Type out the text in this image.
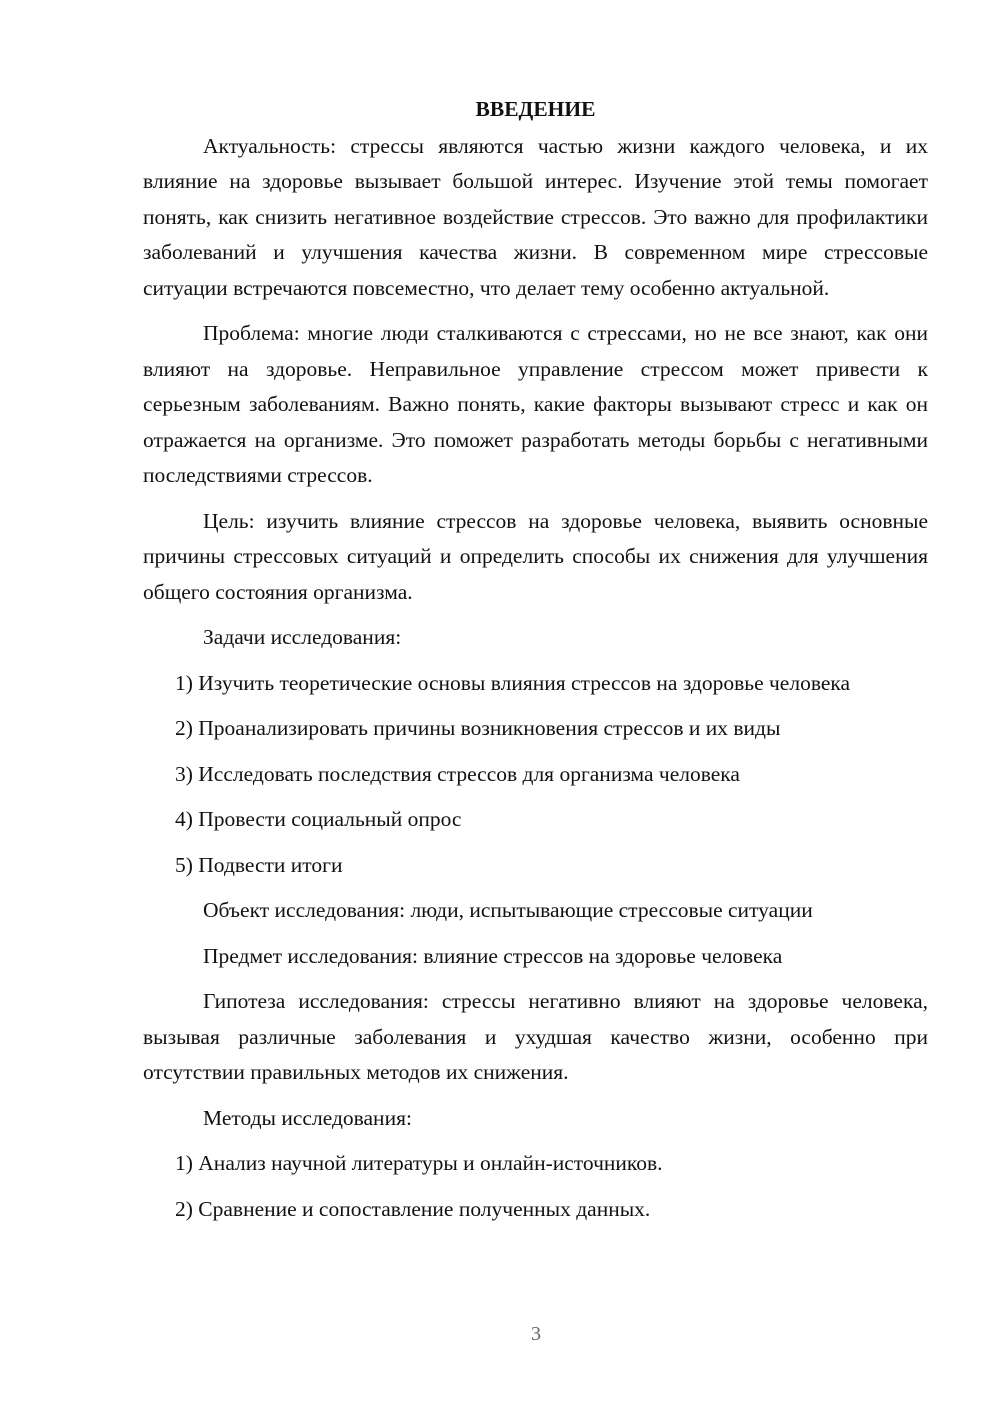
ВВЕДЕНИЕ

Актуальность: стрессы являются частью жизни каждого человека, и их влияние на здоровье вызывает большой интерес. Изучение этой темы помогает понять, как снизить негативное воздействие стрессов. Это важно для профилактики заболеваний и улучшения качества жизни. В современном мире стрессовые ситуации встречаются повсеместно, что делает тему особенно актуальной.

Проблема: многие люди сталкиваются с стрессами, но не все знают, как они влияют на здоровье. Неправильное управление стрессом может привести к серьезным заболеваниям. Важно понять, какие факторы вызывают стресс и как он отражается на организме. Это поможет разработать методы борьбы с негативными последствиями стрессов.

Цель: изучить влияние стрессов на здоровье человека, выявить основные причины стрессовых ситуаций и определить способы их снижения для улучшения общего состояния организма.

Задачи исследования:

1) Изучить теоретические основы влияния стрессов на здоровье человека

2) Проанализировать причины возникновения стрессов и их виды

3) Исследовать последствия стрессов для организма человека

4) Провести социальный опрос

5) Подвести итоги

Объект исследования: люди, испытывающие стрессовые ситуации

Предмет исследования: влияние стрессов на здоровье человека

Гипотеза исследования: стрессы негативно влияют на здоровье человека, вызывая различные заболевания и ухудшая качество жизни, особенно при отсутствии правильных методов их снижения.

Методы исследования:

1) Анализ научной литературы и онлайн-источников.

2) Сравнение и сопоставление полученных данных.

3
